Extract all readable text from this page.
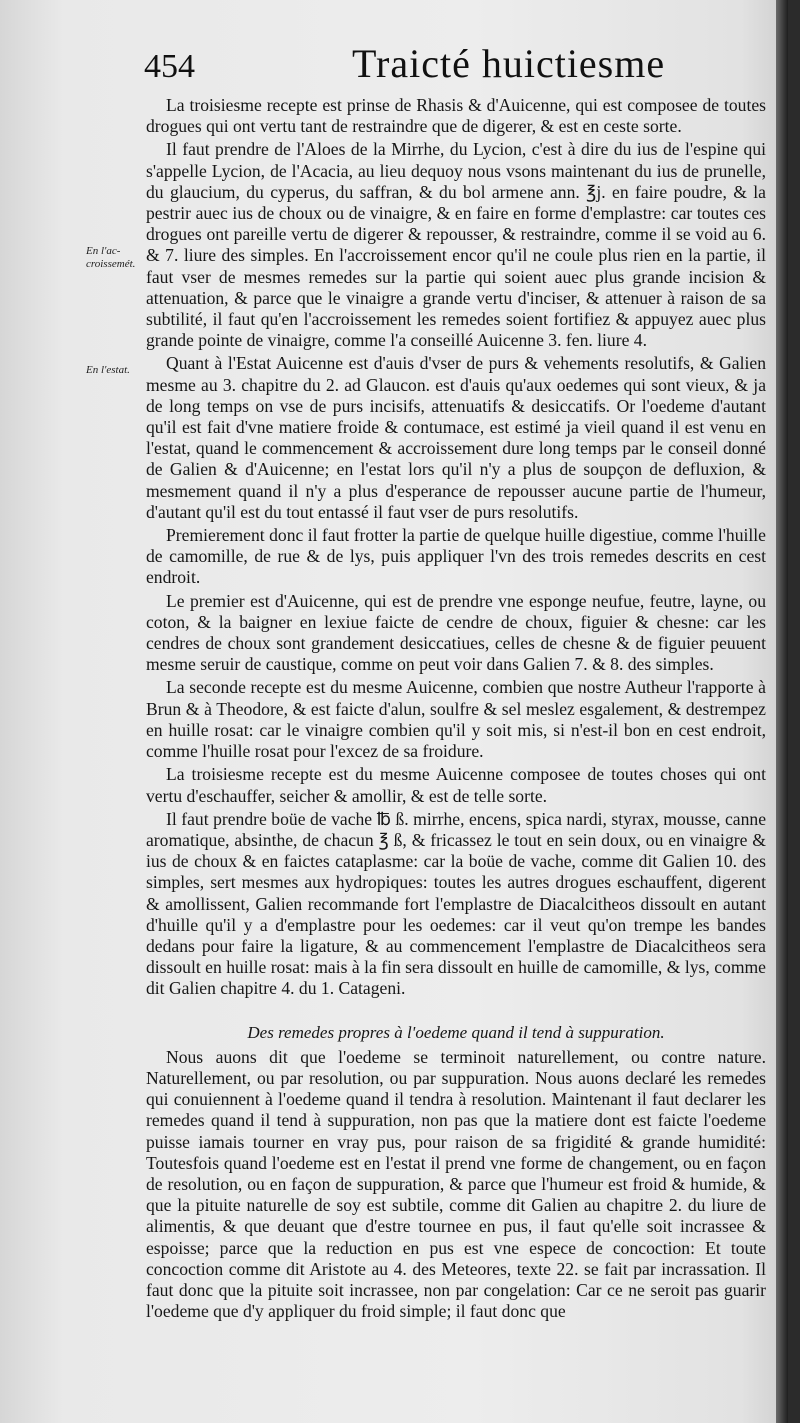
454	Traicté huictiesme
En l'ac-croissemét.
En l'estat.

La troisiesme recepte est prinse de Rhasis & d'Auicenne, qui est composee de toutes drogues qui ont vertu tant de restraindre que de digerer, & est en ceste sorte.

Il faut prendre de l'Aloes de la Mirrhe, du Lycion, c'est à dire du ius de l'espine qui s'appelle Lycion, de l'Acacia, au lieu dequoy nous vsons maintenant du ius de prunelle, du glaucium, du cyperus, du saffran, & du bol armene ann. ℥j. en faire poudre, & la pestrir auec ius de choux ou de vinaigre, & en faire en forme d'emplastre: car toutes ces drogues ont pareille vertu de digerer & repousser, & restraindre, comme il se void au 6. & 7. liure des simples. En l'accroissement encor qu'il ne coule plus rien en la partie, il faut vser de mesmes remedes sur la partie qui soient auec plus grande incision & attenuation, & parce que le vinaigre a grande vertu d'inciser, & attenuer à raison de sa subtilité, il faut qu'en l'accroissement les remedes soient fortifiez & appuyez auec plus grande pointe de vinaigre, comme l'a conseillé Auicenne 3. fen. liure 4.

Quant à l'Estat Auicenne est d'auis d'vser de purs & vehements resolutifs, & Galien mesme au 3. chapitre du 2. ad Glaucon. est d'auis qu'aux oedemes qui sont vieux, & ja de long temps on vse de purs incisifs, attenuatifs & desiccatifs. Or l'oedeme d'autant qu'il est fait d'vne matiere froide & contumace, est estimé ja vieil quand il est venu en l'estat, quand le commencement & accroissement dure long temps par le conseil donné de Galien & d'Auicenne; en l'estat lors qu'il n'y a plus de soupçon de defluxion, & mesmement quand il n'y a plus d'esperance de repousser aucune partie de l'humeur, d'autant qu'il est du tout entassé il faut vser de purs resolutifs.

Premierement donc il faut frotter la partie de quelque huille digestiue, comme l'huille de camomille, de rue & de lys, puis appliquer l'vn des trois remedes descrits en cest endroit.

Le premier est d'Auicenne, qui est de prendre vne esponge neufue, feutre, layne, ou coton, & la baigner en lexiue faicte de cendre de choux, figuier & chesne: car les cendres de choux sont grandement desiccatiues, celles de chesne & de figuier peuuent mesme seruir de caustique, comme on peut voir dans Galien 7. & 8. des simples.

La seconde recepte est du mesme Auicenne, combien que nostre Autheur l'rapporte à Brun & à Theodore, & est faicte d'alun, soulfre & sel meslez esgalement, & destrempez en huille rosat: car le vinaigre combien qu'il y soit mis, si n'est-il bon en cest endroit, comme l'huille rosat pour l'excez de sa froidure.

La troisiesme recepte est du mesme Auicenne composee de toutes choses qui ont vertu d'eschauffer, seicher & amollir, & est de telle sorte.

Il faut prendre boüe de vache ℔ ß. mirrhe, encens, spica nardi, styrax, mousse, canne aromatique, absinthe, de chacun ℥ ß, & fricassez le tout en sein doux, ou en vinaigre & ius de choux & en faictes cataplasme: car la boüe de vache, comme dit Galien 10. des simples, sert mesmes aux hydropiques: toutes les autres drogues eschauffent, digerent & amollissent, Galien recommande fort l'emplastre de Diacalcitheos dissoult en autant d'huille qu'il y a d'emplastre pour les oedemes: car il veut qu'on trempe les bandes dedans pour faire la ligature, & au commencement l'emplastre de Diacalcitheos sera dissoult en huille rosat: mais à la fin sera dissoult en huille de camomille, & lys, comme dit Galien chapitre 4. du 1. Catageni.

Des remedes propres à l'oedeme quand il tend à suppuration.

Nous auons dit que l'oedeme se terminoit naturellement, ou contre nature. Naturellement, ou par resolution, ou par suppuration. Nous auons declaré les remedes qui conuiennent à l'oedeme quand il tendra à resolution. Maintenant il faut declarer les remedes quand il tend à suppuration, non pas que la matiere dont est faicte l'oedeme puisse iamais tourner en vray pus, pour raison de sa frigidité & grande humidité: Toutesfois quand l'oedeme est en l'estat il prend vne forme de changement, ou en façon de resolution, ou en façon de suppuration, & parce que l'humeur est froid & humide, & que la pituite naturelle de soy est subtile, comme dit Galien au chapitre 2. du liure de alimentis, & que deuant que d'estre tournee en pus, il faut qu'elle soit incrassee & espoisse; parce que la reduction en pus est vne espece de concoction: Et toute concoction comme dit Aristote au 4. des Meteores, texte 22. se fait par incrassation. Il faut donc que la pituite soit incrassee, non par congelation: Car ce ne seroit pas guarir l'oedeme que d'y appliquer du froid simple; il faut donc que
